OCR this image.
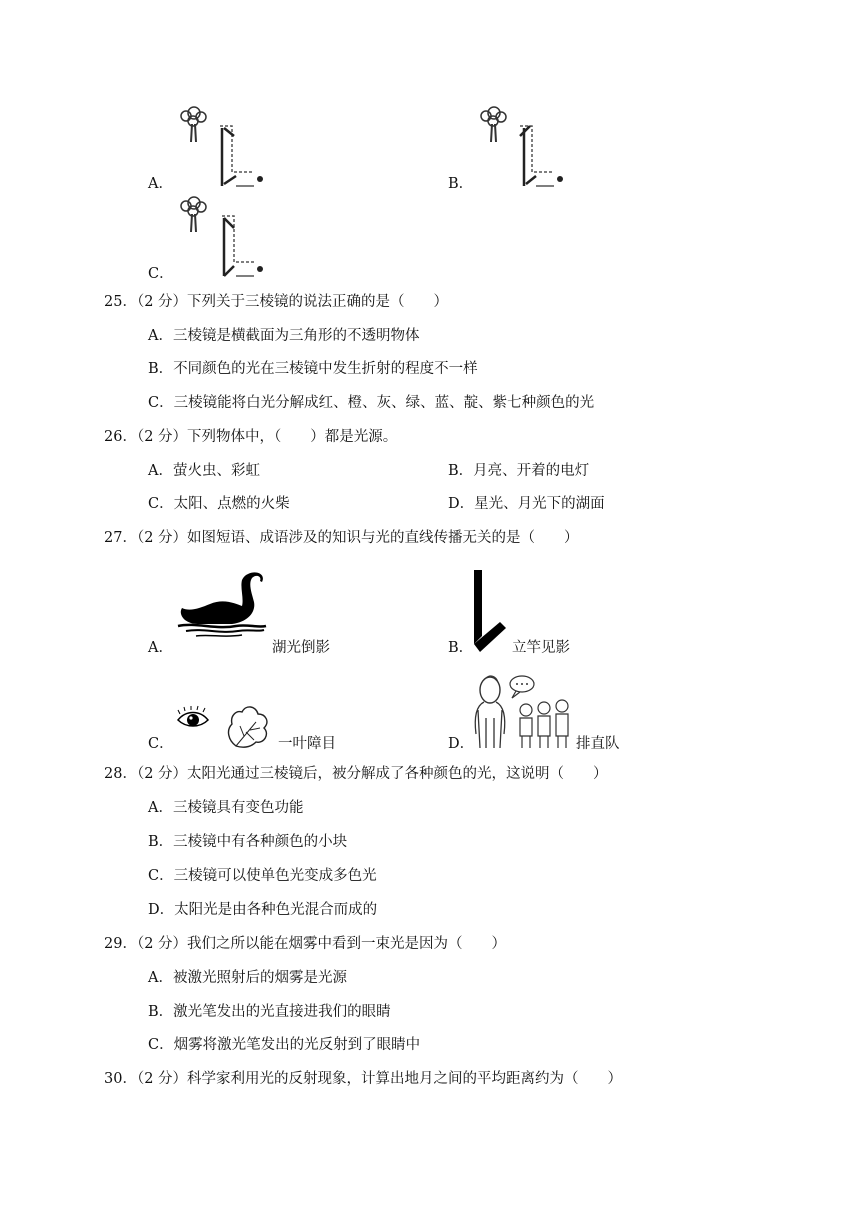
A．	B．
C．
25．（2 分）下列关于三棱镜的说法正确的是（　　）
A．三棱镜是横截面为三角形的不透明物体
B．不同颜色的光在三棱镜中发生折射的程度不一样
C．三棱镜能将白光分解成红、橙、灰、绿、蓝、靛、紫七种颜色的光
26．（2 分）下列物体中，（　　）都是光源。
A．萤火虫、彩虹	B．月亮、开着的电灯
C．太阳、点燃的火柴	D．星光、月光下的湖面
27．（2 分）如图短语、成语涉及的知识与光的直线传播无关的是（　　）
A．	湖光倒影	B．	立竿见影
C．	一叶障目	D．	排直队
28．（2 分）太阳光通过三棱镜后，被分解成了各种颜色的光，这说明（　　）
A．三棱镜具有变色功能
B．三棱镜中有各种颜色的小块
C．三棱镜可以使单色光变成多色光
D．太阳光是由各种色光混合而成的
29．（2 分）我们之所以能在烟雾中看到一束光是因为（　　）
A．被激光照射后的烟雾是光源
B．激光笔发出的光直接进我们的眼睛
C．烟雾将激光笔发出的光反射到了眼睛中
30．（2 分）科学家利用光的反射现象，计算出地月之间的平均距离约为（　　）
